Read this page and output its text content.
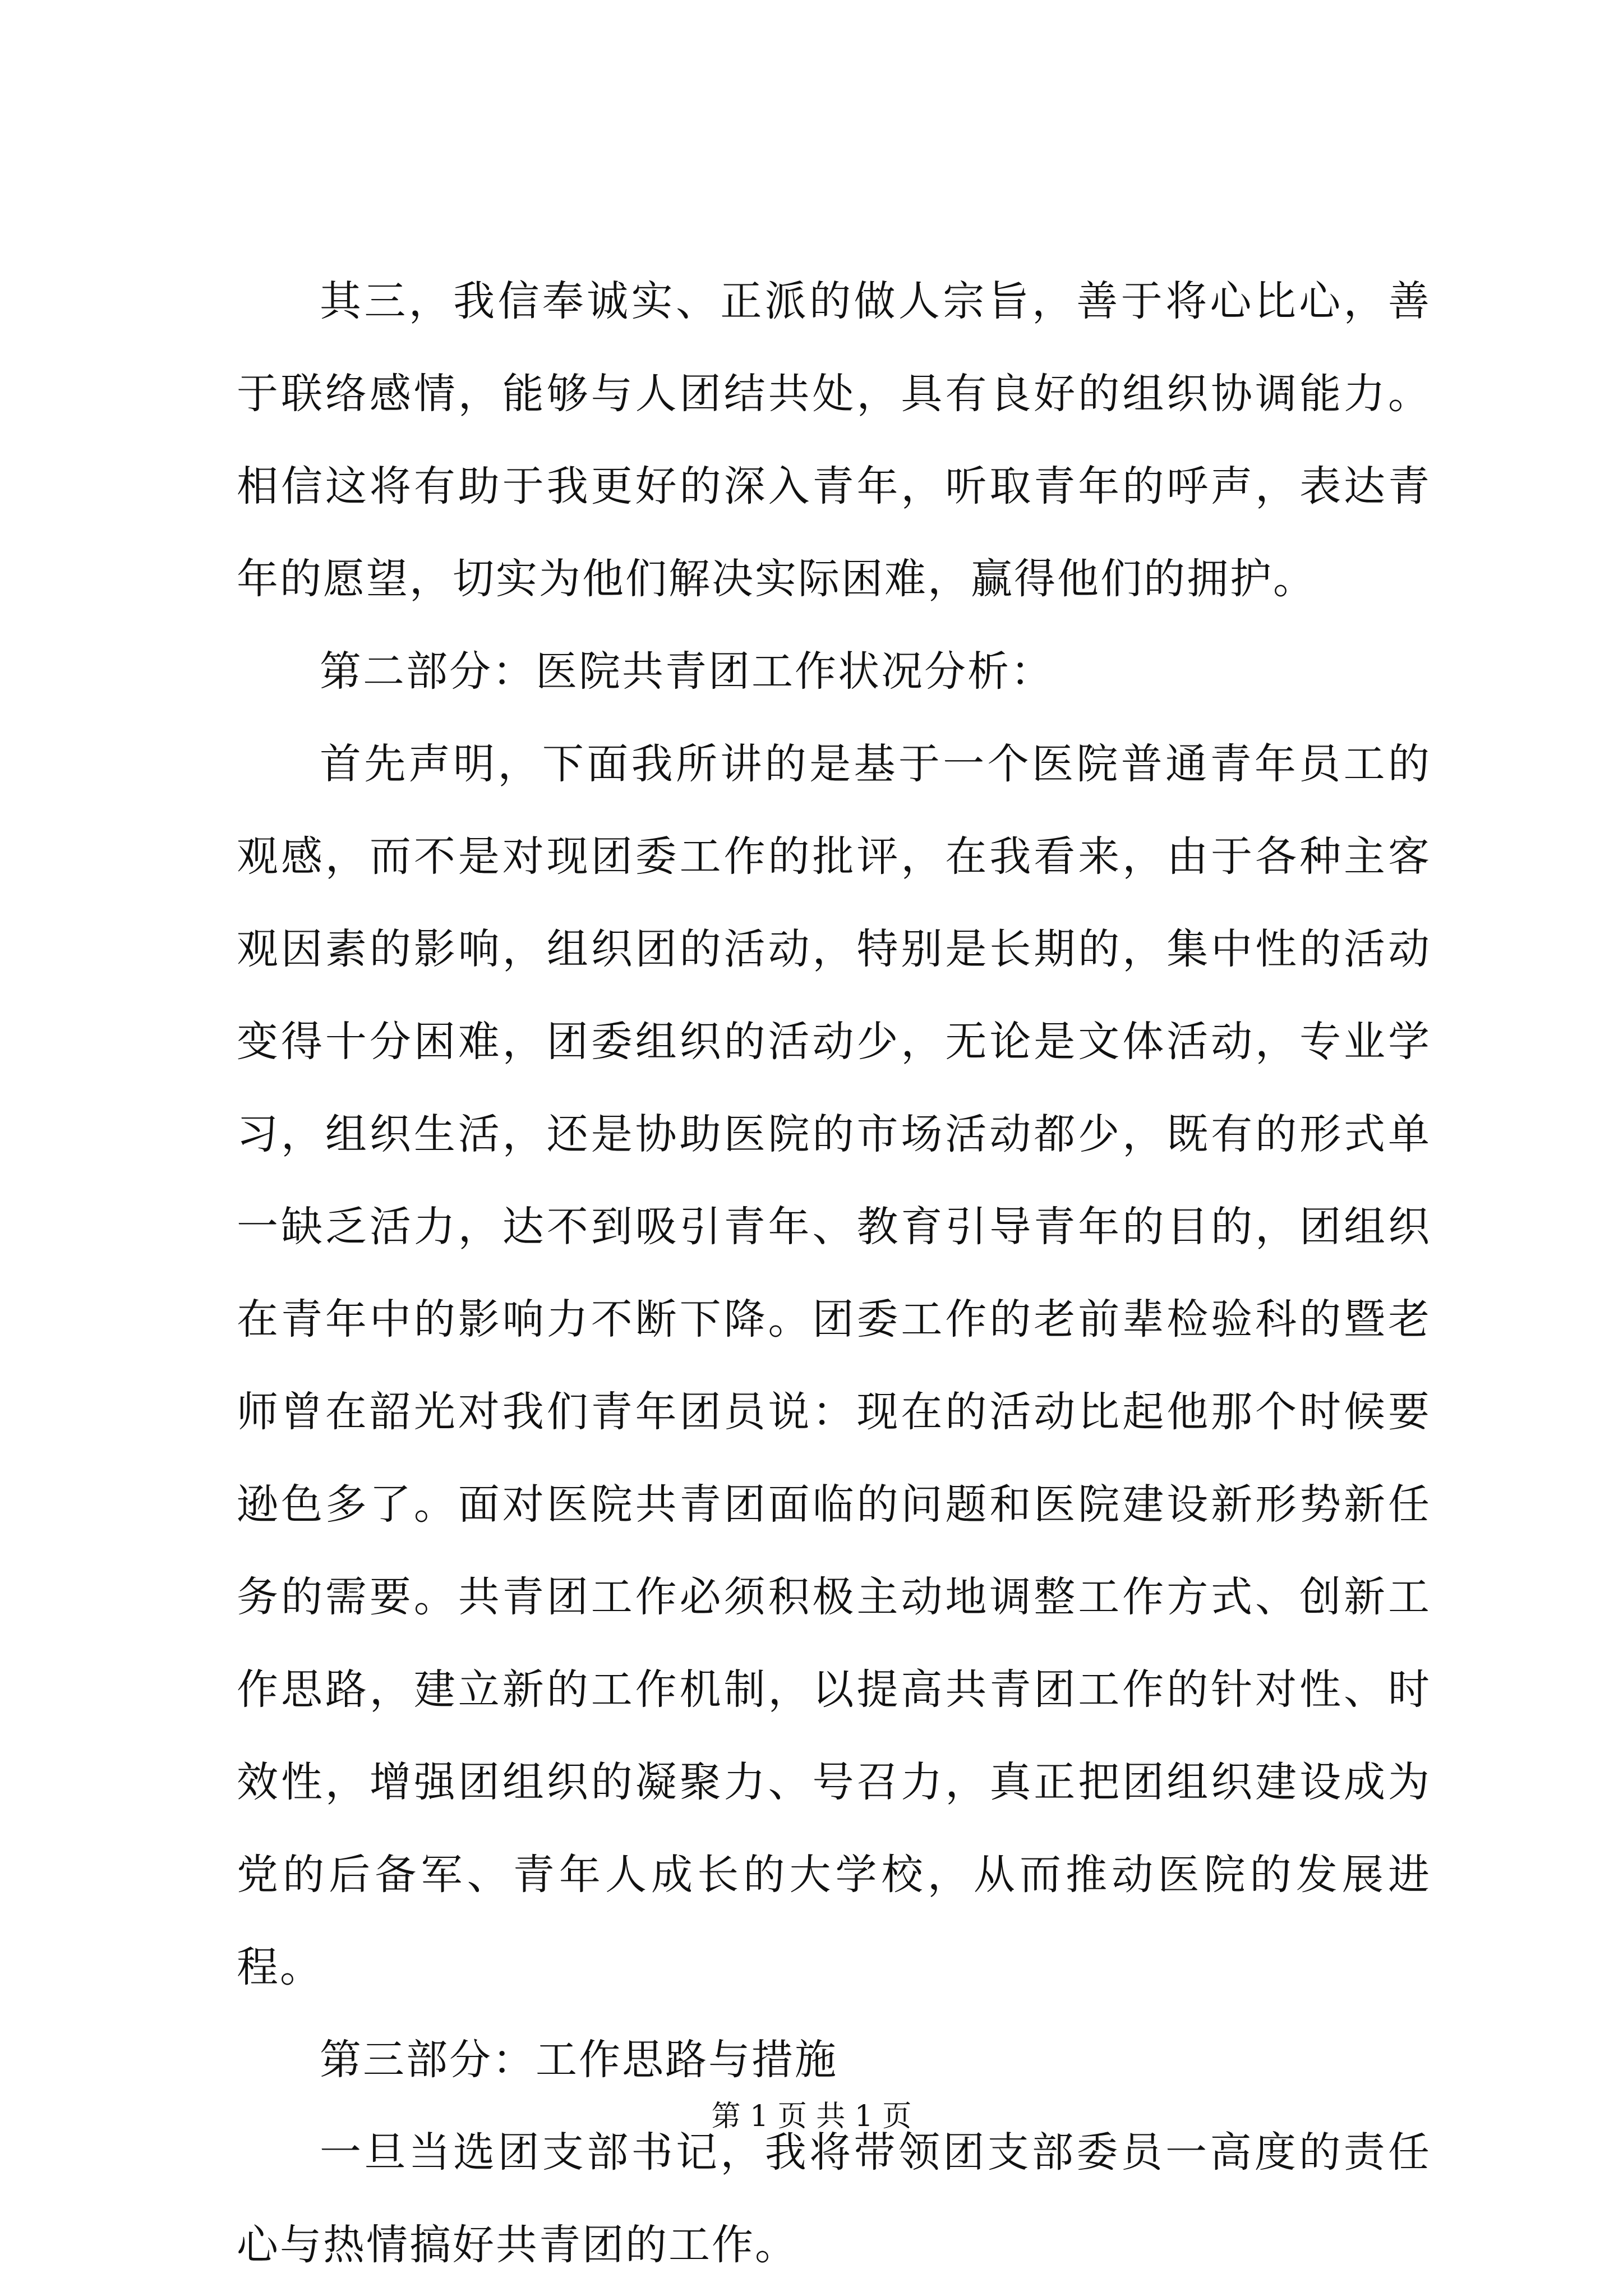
其三，我信奉诚实、正派的做人宗旨，善于将心比心，善于联络感情，能够与人团结共处，具有良好的组织协调能力。相信这将有助于我更好的深入青年，听取青年的呼声，表达青年的愿望，切实为他们解决实际困难，赢得他们的拥护。

第二部分：医院共青团工作状况分析：

首先声明，下面我所讲的是基于一个医院普通青年员工的观感，而不是对现团委工作的批评，在我看来，由于各种主客观因素的影响，组织团的活动，特别是长期的，集中性的活动变得十分困难，团委组织的活动少，无论是文体活动，专业学习，组织生活，还是协助医院的市场活动都少，既有的形式单一缺乏活力，达不到吸引青年、教育引导青年的目的，团组织在青年中的影响力不断下降。团委工作的老前辈检验科的暨老师曾在韶光对我们青年团员说：现在的活动比起他那个时候要逊色多了。面对医院共青团面临的问题和医院建设新形势新任务的需要。共青团工作必须积极主动地调整工作方式、创新工作思路，建立新的工作机制，以提高共青团工作的针对性、时效性，增强团组织的凝聚力、号召力，真正把团组织建设成为党的后备军、青年人成长的大学校，从而推动医院的发展进程。

第三部分：工作思路与措施

一旦当选团支部书记，我将带领团支部委员一高度的责任心与热情搞好共青团的工作。

第 1 页 共 1 页
